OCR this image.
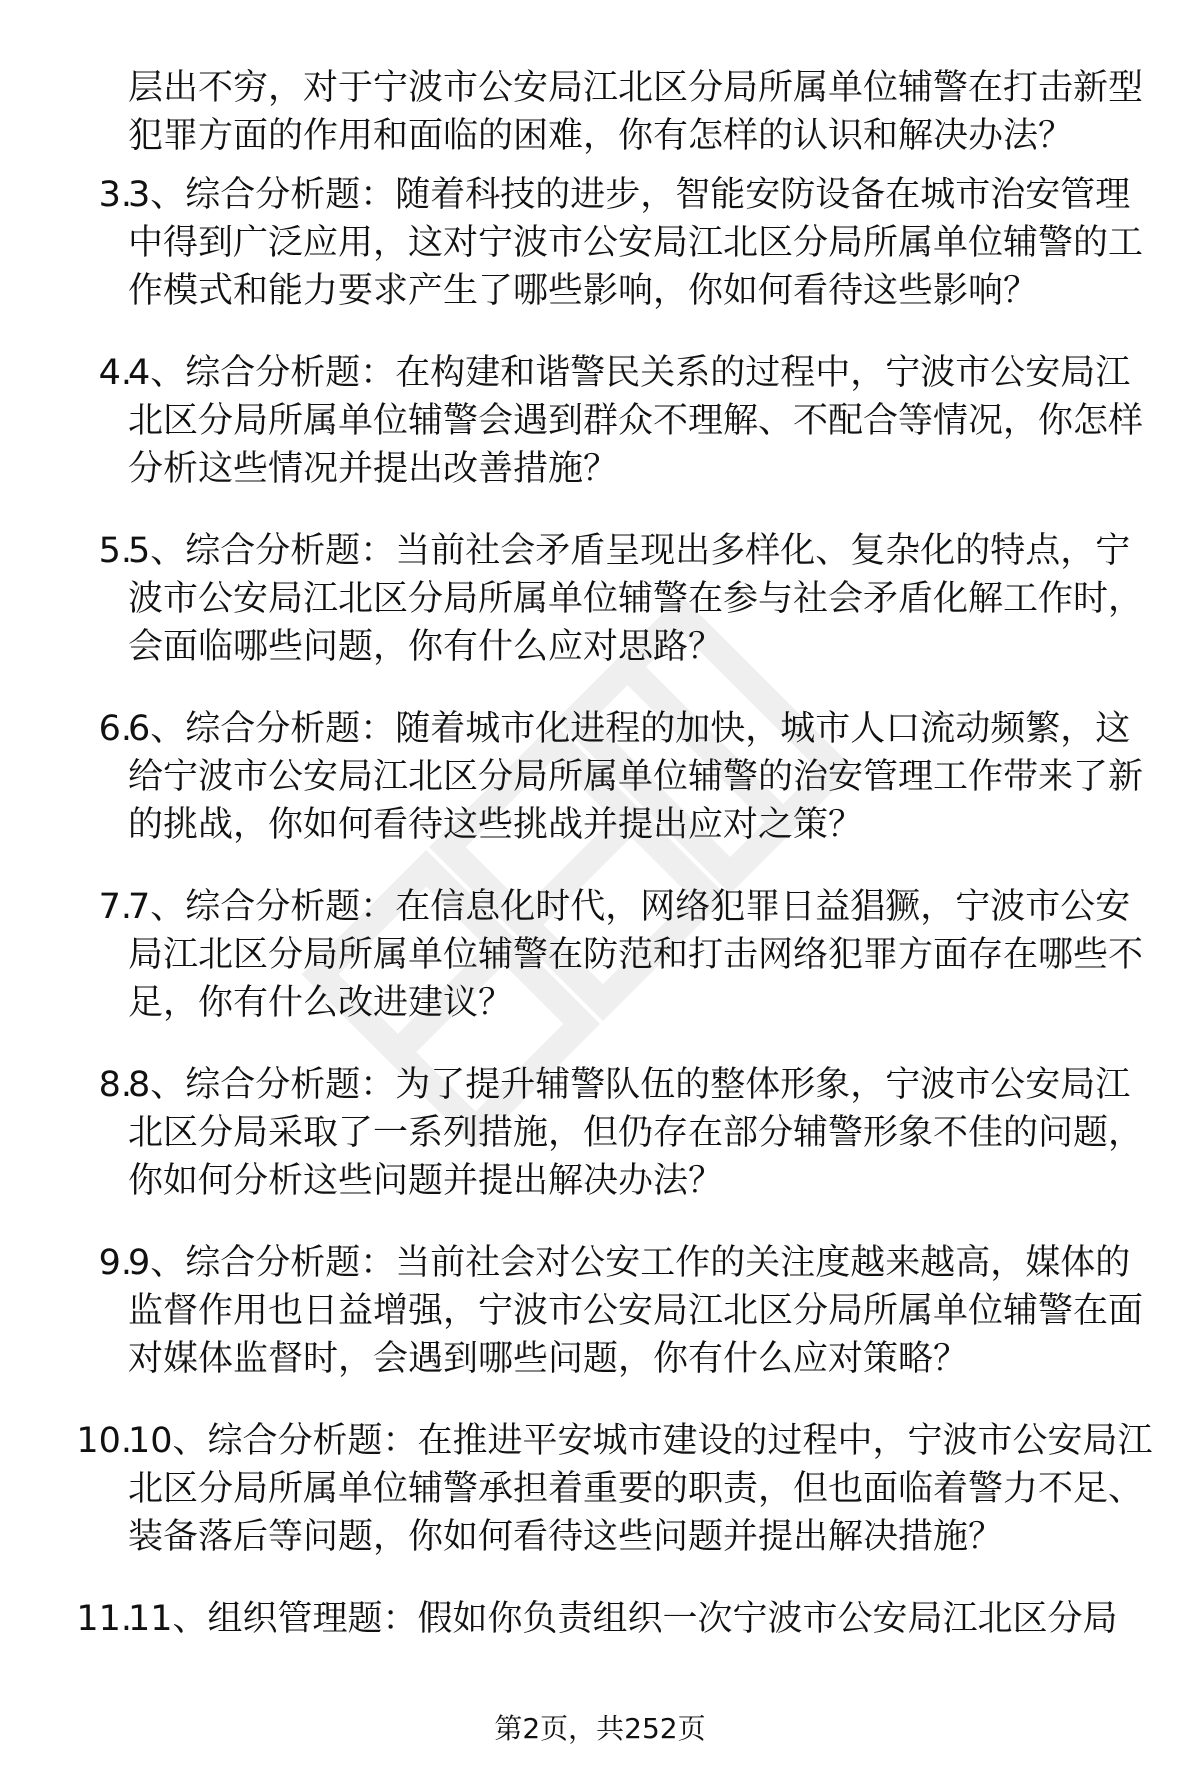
层出不穷，对于宁波市公安局江北区分局所属单位辅警在打击新型犯罪方面的作用和面临的困难，你有怎样的认识和解决办法？

3.

3、综合分析题：随着科技的进步，智能安防设备在城市治安管理中得到广泛应用，这对宁波市公安局江北区分局所属单位辅警的工作模式和能力要求产生了哪些影响，你如何看待这些影响？

4.

4、综合分析题：在构建和谐警民关系的过程中，宁波市公安局江北区分局所属单位辅警会遇到群众不理解、不配合等情况，你怎样分析这些情况并提出改善措施？

5.

5、综合分析题：当前社会矛盾呈现出多样化、复杂化的特点，宁波市公安局江北区分局所属单位辅警在参与社会矛盾化解工作时，会面临哪些问题，你有什么应对思路？

6.

6、综合分析题：随着城市化进程的加快，城市人口流动频繁，这给宁波市公安局江北区分局所属单位辅警的治安管理工作带来了新的挑战，你如何看待这些挑战并提出应对之策？

7.

7、综合分析题：在信息化时代，网络犯罪日益猖獗，宁波市公安局江北区分局所属单位辅警在防范和打击网络犯罪方面存在哪些不足，你有什么改进建议？

8.

8、综合分析题：为了提升辅警队伍的整体形象，宁波市公安局江北区分局采取了一系列措施，但仍存在部分辅警形象不佳的问题，你如何分析这些问题并提出解决办法？

9.

9、综合分析题：当前社会对公安工作的关注度越来越高，媒体的监督作用也日益增强，宁波市公安局江北区分局所属单位辅警在面对媒体监督时，会遇到哪些问题，你有什么应对策略？

10.

10、综合分析题：在推进平安城市建设的过程中，宁波市公安局江北区分局所属单位辅警承担着重要的职责，但也面临着警力不足、装备落后等问题，你如何看待这些问题并提出解决措施？

11.

11、组织管理题：假如你负责组织一次宁波市公安局江北区分局

第2页，共252页
